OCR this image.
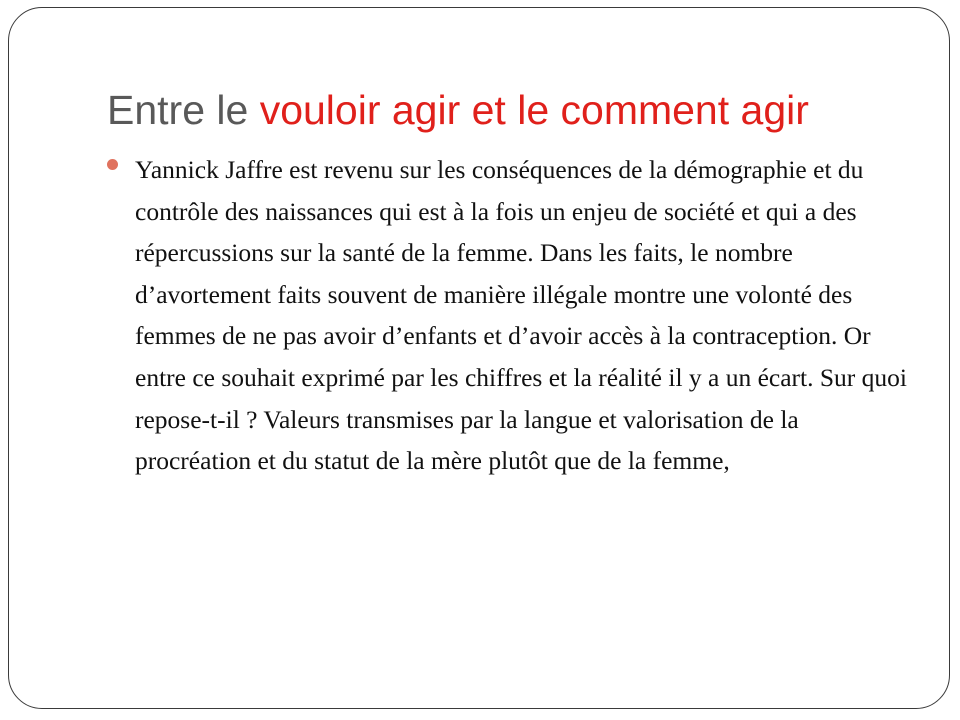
Entre le vouloir agir et le comment agir
Yannick Jaffre est revenu sur les conséquences de la démographie et du contrôle des naissances qui est à la fois un enjeu de société et qui a des répercussions sur la santé de la femme. Dans les faits, le nombre d’avortement faits souvent de manière illégale montre une volonté des femmes de ne pas avoir d’enfants et d’avoir accès à la contraception. Or entre ce souhait exprimé par les chiffres et la réalité il y a un écart. Sur quoi repose-t-il ? Valeurs transmises par la langue et valorisation de la procréation et du statut de la mère plutôt que de la femme,
